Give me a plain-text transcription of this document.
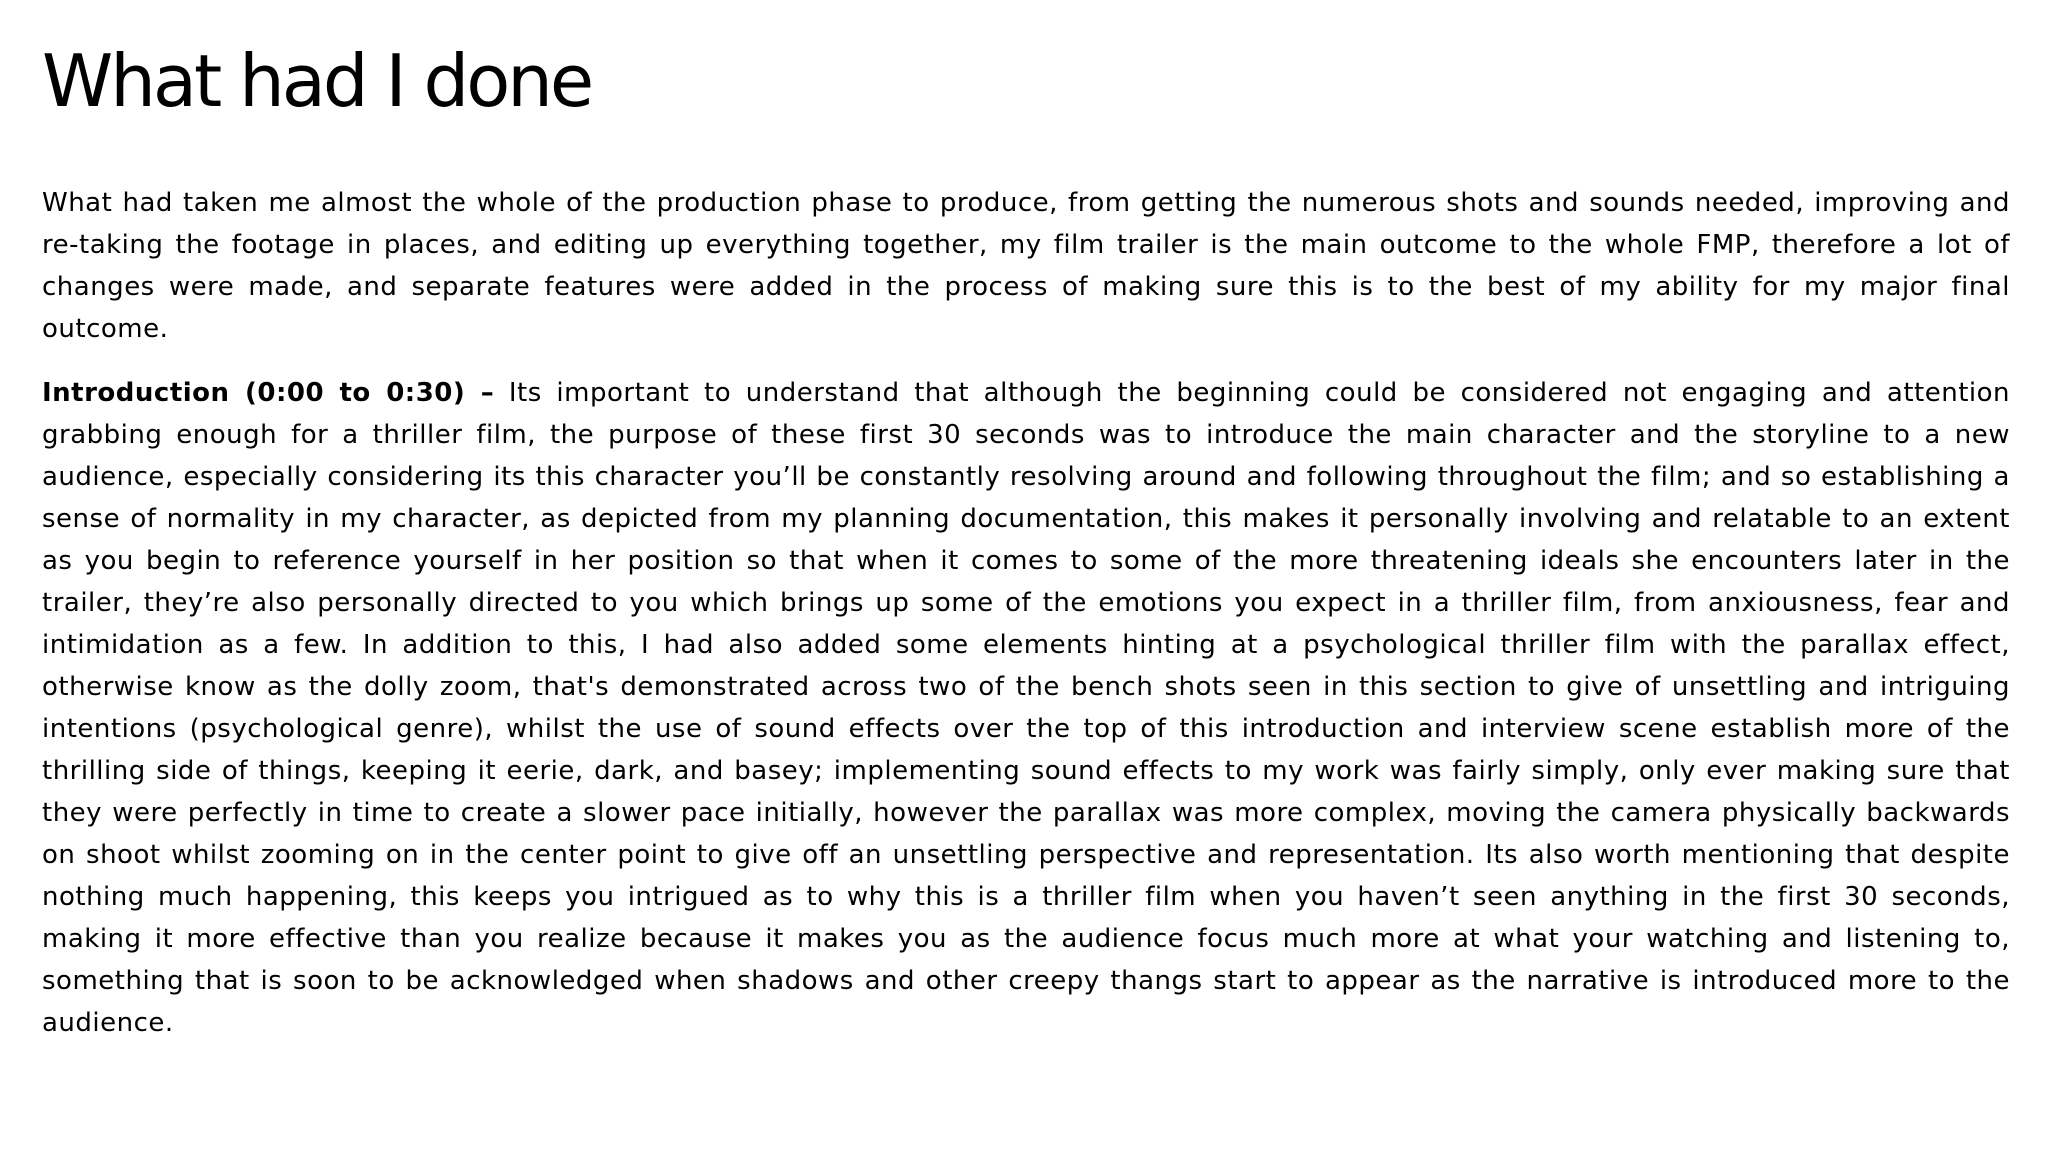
What had I done

What had taken me almost the whole of the production phase to produce, from getting the numerous shots and sounds needed, improving and re-taking the footage in places, and editing up everything together, my film trailer is the main outcome to the whole FMP, therefore a lot of changes were made, and separate features were added in the process of making sure this is to the best of my ability for my major final outcome.

Introduction (0:00 to 0:30) – Its important to understand that although the beginning could be considered not engaging and attention grabbing enough for a thriller film, the purpose of these first 30 seconds was to introduce the main character and the storyline to a new audience, especially considering its this character you’ll be constantly resolving around and following throughout the film; and so establishing a sense of normality in my character, as depicted from my planning documentation, this makes it personally involving and relatable to an extent as you begin to reference yourself in her position so that when it comes to some of the more threatening ideals she encounters later in the trailer, they’re also personally directed to you which brings up some of the emotions you expect in a thriller film, from anxiousness, fear and intimidation as a few. In addition to this, I had also added some elements hinting at a psychological thriller film with the parallax effect, otherwise know as the dolly zoom, that's demonstrated across two of the bench shots seen in this section to give of unsettling and intriguing intentions (psychological genre), whilst the use of sound effects over the top of this introduction and interview scene establish more of the thrilling side of things, keeping it eerie, dark, and basey; implementing sound effects to my work was fairly simply, only ever making sure that they were perfectly in time to create a slower pace initially, however the parallax was more complex, moving the camera physically backwards on shoot whilst zooming on in the center point to give off an unsettling perspective and representation. Its also worth mentioning that despite nothing much happening, this keeps you intrigued as to why this is a thriller film when you haven’t seen anything in the first 30 seconds, making it more effective than you realize because it makes you as the audience focus much more at what your watching and listening to, something that is soon to be acknowledged when shadows and other creepy thangs start to appear as the narrative is introduced more to the audience.
